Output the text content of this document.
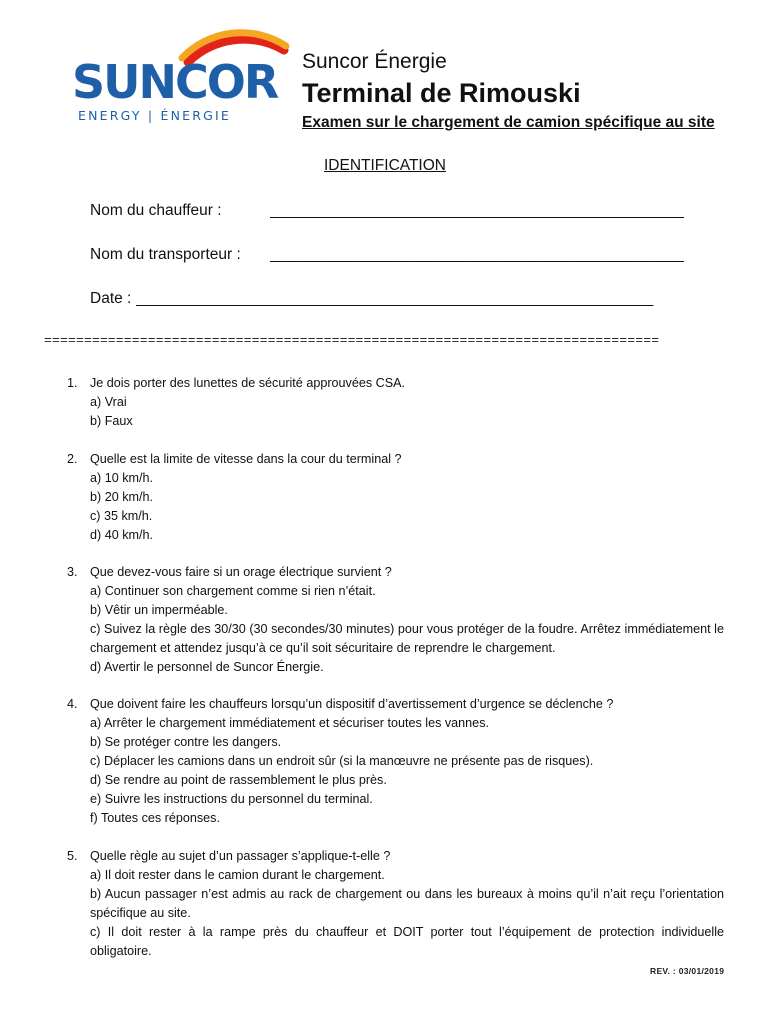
SUNCOR
ENERGY | ÉNERGIE
Suncor Énergie
Terminal de Rimouski
Examen sur le chargement de camion spécifique au site
IDENTIFICATION
Nom du chauffeur :	________________________________________________
Nom du transporteur : ________________________________________________
Date : ____________________________________________________________
=============================================================================
1. Je dois porter des lunettes de sécurité approuvées CSA.
a) Vrai
b) Faux
2. Quelle est la limite de vitesse dans la cour du terminal ?
a) 10 km/h.
b) 20 km/h.
c) 35 km/h.
d) 40 km/h.
3. Que devez-vous faire si un orage électrique survient ?
a) Continuer son chargement comme si rien n’était.
b) Vêtir un imperméable.
c) Suivez la règle des 30/30 (30 secondes/30 minutes) pour vous protéger de la foudre. Arrêtez immédiatement le chargement et attendez jusqu’à ce qu’il soit sécuritaire de reprendre le chargement.
d) Avertir le personnel de Suncor Énergie.
4. Que doivent faire les chauffeurs lorsqu’un dispositif d’avertissement d’urgence se déclenche ?
a) Arrêter le chargement immédiatement et sécuriser toutes les vannes.
b) Se protéger contre les dangers.
c) Déplacer les camions dans un endroit sûr (si la manœuvre ne présente pas de risques).
d) Se rendre au point de rassemblement le plus près.
e) Suivre les instructions du personnel du terminal.
f) Toutes ces réponses.
5. Quelle règle au sujet d’un passager s’applique-t-elle ?
a) Il doit rester dans le camion durant le chargement.
b) Aucun passager n’est admis au rack de chargement ou dans les bureaux à moins qu’il n’ait reçu l’orientation spécifique au site.
c) Il doit rester à la rampe près du chauffeur et DOIT porter tout l’équipement de protection individuelle obligatoire.
REV. : 03/01/2019
